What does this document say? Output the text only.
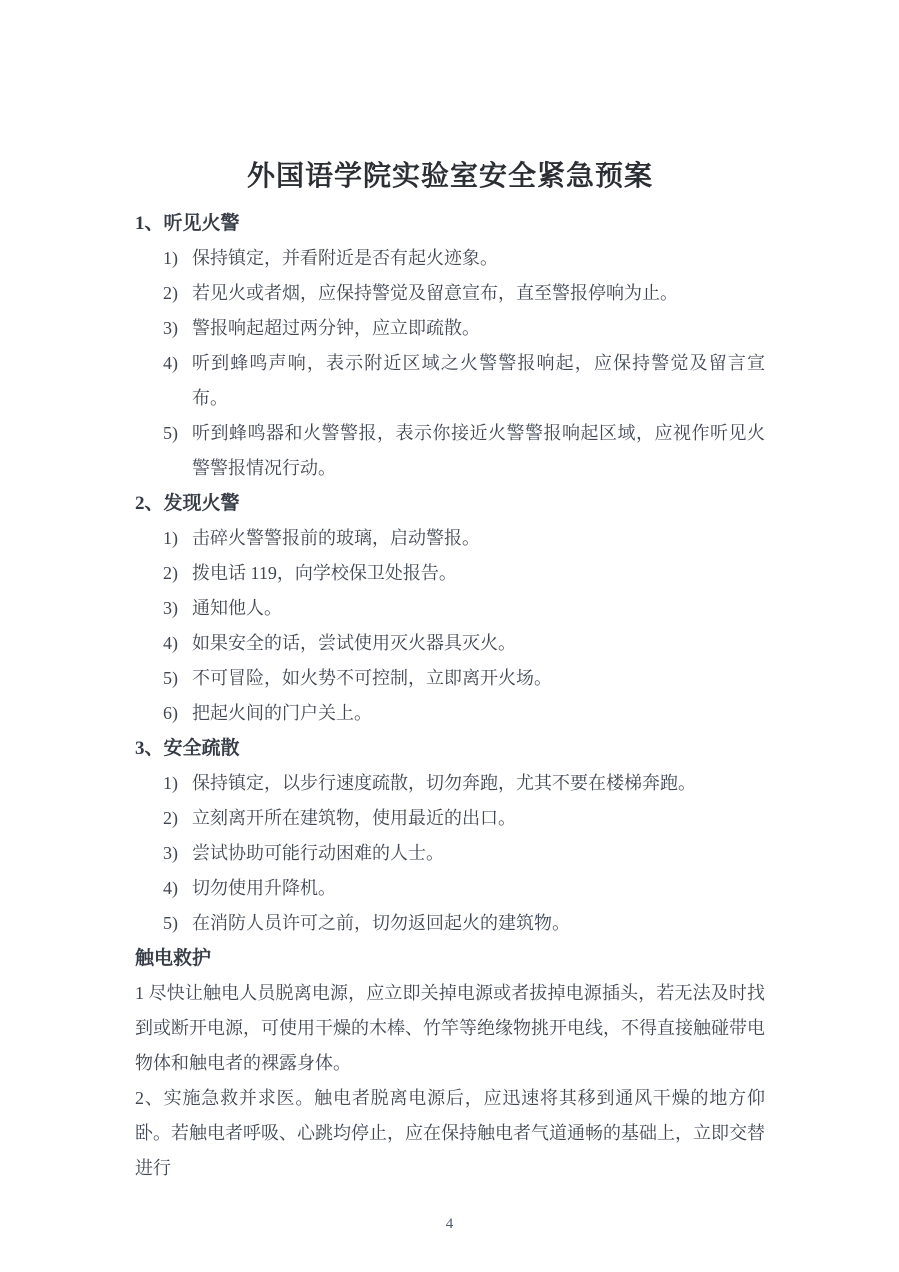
外国语学院实验室安全紧急预案
1、听见火警
1) 保持镇定，并看附近是否有起火迹象。
2) 若见火或者烟，应保持警觉及留意宣布，直至警报停响为止。
3) 警报响起超过两分钟，应立即疏散。
4) 听到蜂鸣声响，表示附近区域之火警警报响起，应保持警觉及留言宣布。
5) 听到蜂鸣器和火警警报，表示你接近火警警报响起区域，应视作听见火警警报情况行动。
2、发现火警
1) 击碎火警警报前的玻璃，启动警报。
2) 拨电话 119，向学校保卫处报告。
3) 通知他人。
4) 如果安全的话，尝试使用灭火器具灭火。
5) 不可冒险，如火势不可控制，立即离开火场。
6) 把起火间的门户关上。
3、安全疏散
1) 保持镇定，以步行速度疏散，切勿奔跑，尤其不要在楼梯奔跑。
2) 立刻离开所在建筑物，使用最近的出口。
3) 尝试协助可能行动困难的人士。
4) 切勿使用升降机。
5) 在消防人员许可之前，切勿返回起火的建筑物。
触电救护
1 尽快让触电人员脱离电源，应立即关掉电源或者拔掉电源插头，若无法及时找到或断开电源，可使用干燥的木棒、竹竿等绝缘物挑开电线，不得直接触碰带电物体和触电者的裸露身体。
2、实施急救并求医。触电者脱离电源后，应迅速将其移到通风干燥的地方仰卧。若触电者呼吸、心跳均停止，应在保持触电者气道通畅的基础上，立即交替进行
4
